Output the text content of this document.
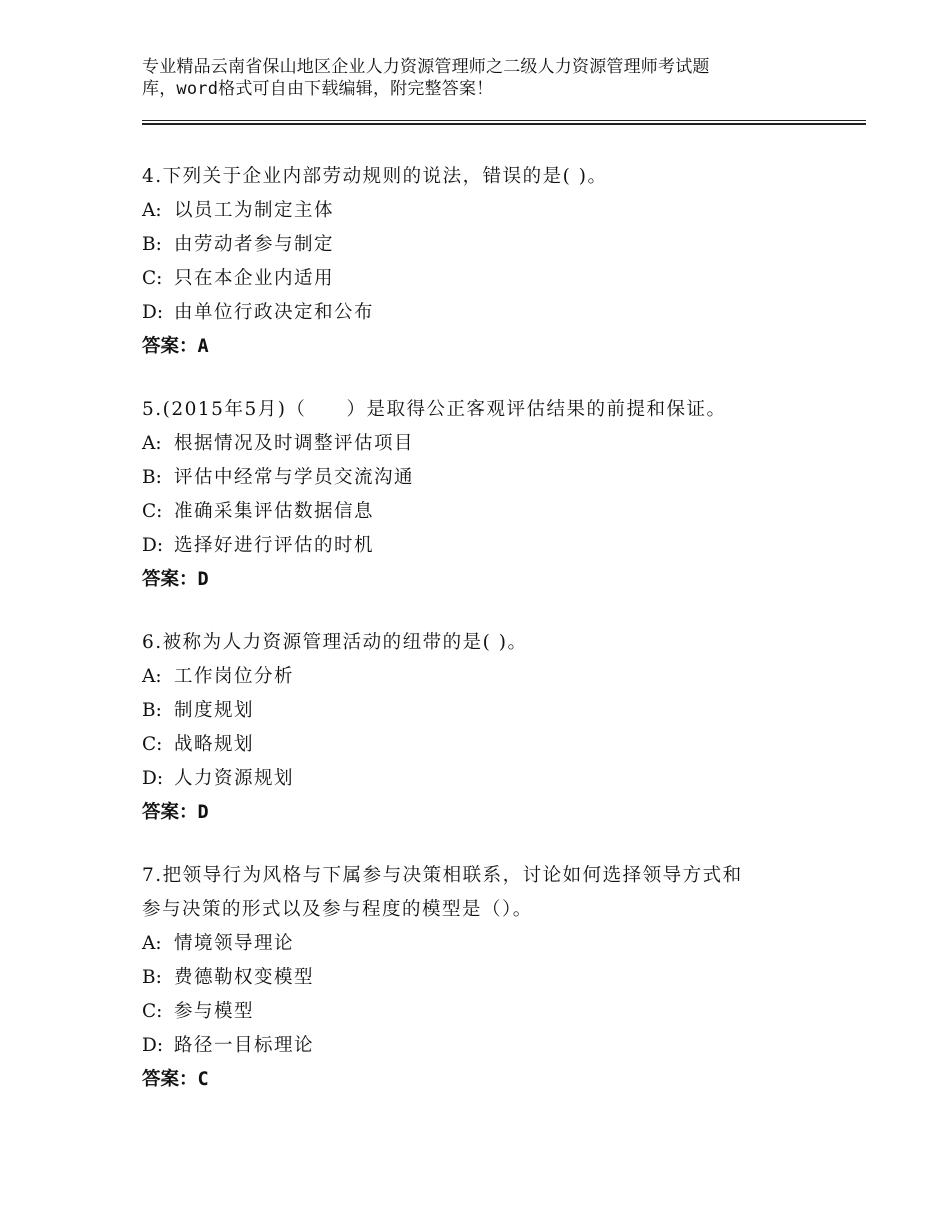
专业精品云南省保山地区企业人力资源管理师之二级人力资源管理师考试题
库，word格式可自由下载编辑，附完整答案！
4.下列关于企业内部劳动规则的说法，错误的是( )。
A: 以员工为制定主体
B: 由劳动者参与制定
C: 只在本企业内适用
D: 由单位行政决定和公布
答案：A
5.(2015年5月)（　　）是取得公正客观评估结果的前提和保证。
A: 根据情况及时调整评估项目
B: 评估中经常与学员交流沟通
C: 准确采集评估数据信息
D: 选择好进行评估的时机
答案：D
6.被称为人力资源管理活动的纽带的是( )。
A: 工作岗位分析
B: 制度规划
C: 战略规划
D: 人力资源规划
答案：D
7.把领导行为风格与下属参与决策相联系，讨论如何选择领导方式和
参与决策的形式以及参与程度的模型是（）。
A: 情境领导理论
B: 费德勒权变模型
C: 参与模型
D: 路径一目标理论
答案：C
